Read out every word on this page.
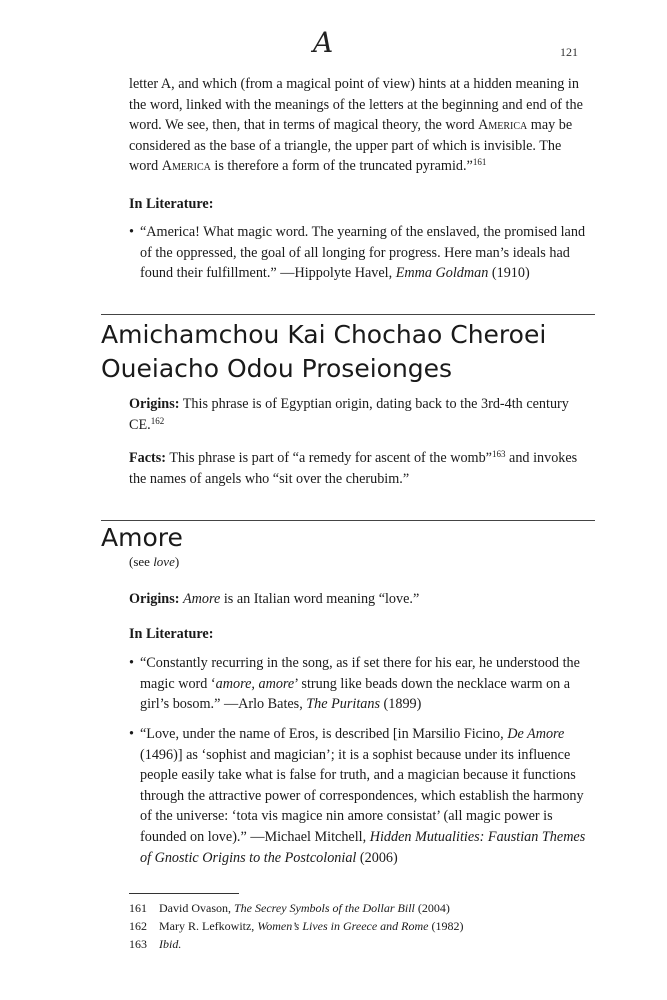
A	121
letter A, and which (from a magical point of view) hints at a hidden meaning in the word, linked with the meanings of the letters at the beginning and end of the word. We see, then, that in terms of magical theory, the word America may be considered as the base of a triangle, the upper part of which is invisible. The word America is therefore a form of the truncated pyramid.”$^{161}$
In Literature:
• “America! What magic word. The yearning of the enslaved, the promised land of the oppressed, the goal of all longing for progress. Here man’s ideals had found their fulfillment.” —Hippolyte Havel, Emma Goldman (1910)
Amichamchou Kai Chochao Cheroei Oueiacho Odou Proseionges
Origins: This phrase is of Egyptian origin, dating back to the 3rd-4th century CE.$^{162}$
Facts: This phrase is part of “a remedy for ascent of the womb”$^{163}$ and invokes the names of angels who “sit over the cherubim.”
Amore
(see love)
Origins: Amore is an Italian word meaning “love.”
In Literature:
• “Constantly recurring in the song, as if set there for his ear, he understood the magic word ‘amore, amore’ strung like beads down the necklace warm on a girl’s bosom.” —Arlo Bates, The Puritans (1899)
• “Love, under the name of Eros, is described [in Marsilio Ficino, De Amore (1496)] as ‘sophist and magician’; it is a sophist because under its influence people easily take what is false for truth, and a magician because it functions through the attractive power of correspondences, which establish the harmony of the universe: ‘tota vis magice nin amore consistat’ (all magic power is founded on love).” —Michael Mitchell, Hidden Mutualities: Faustian Themes of Gnostic Origins to the Postcolonial (2006)
161 David Ovason, The Secrey Symbols of the Dollar Bill (2004)
162 Mary R. Lefkowitz, Women’s Lives in Greece and Rome (1982)
163 Ibid.
